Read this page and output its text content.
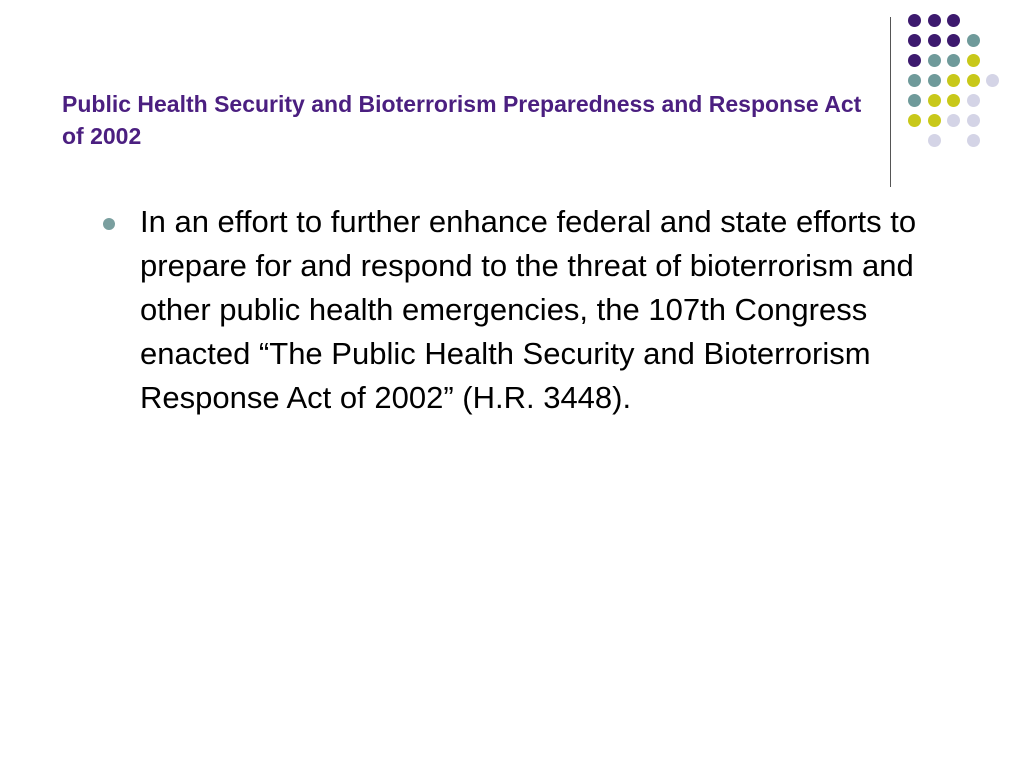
Public Health Security and Bioterrorism Preparedness and Response Act of 2002
In an effort to further enhance federal and state efforts to prepare for and respond to the threat of bioterrorism and other public health emergencies, the 107th Congress enacted “The Public Health Security and Bioterrorism Response Act of 2002” (H.R. 3448).
